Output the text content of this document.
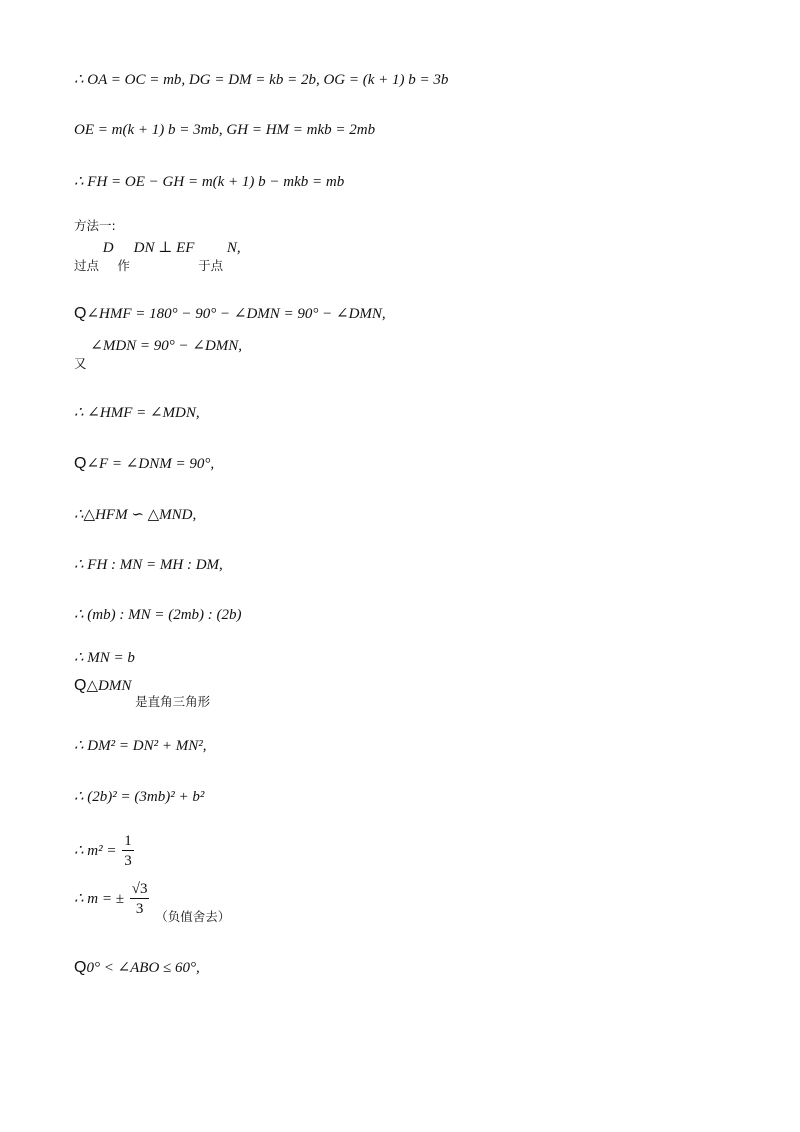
∴ OA = OC = mb, DG = DM = kb = 2b, OG = (k + 1) b = 3b
OE = m(k + 1) b = 3mb, GH = HM = mkb = 2mb
∴ FH = OE − GH = m(k + 1) b − mkb = mb
方法一:
$_{过点}$ D $_作$ DN ⊥ EF $_{于点}$ N,
Q∠HMF = 180° − 90° − ∠DMN = 90° − ∠DMN,
$_又$ ∠MDN = 90° − ∠DMN,
∴ ∠HMF = ∠MDN,
Q∠F = ∠DNM = 90°,
∴△HFM ∽ △MND,
∴ FH : MN = MH : DM,
∴ (mb) : MN = (2mb) : (2b)
∴ MN = b
Q△DMN $_{是直角三角形}$
∴ DM² = DN² + MN²,
∴ (2b)² = (3mb)² + b²
∴ $m^2 = \frac{1}{3}$
∴ m = ± $\frac{√3}{3} _{(负值舍去)}$
Q0° < ∠ABO ≤ 60°,
